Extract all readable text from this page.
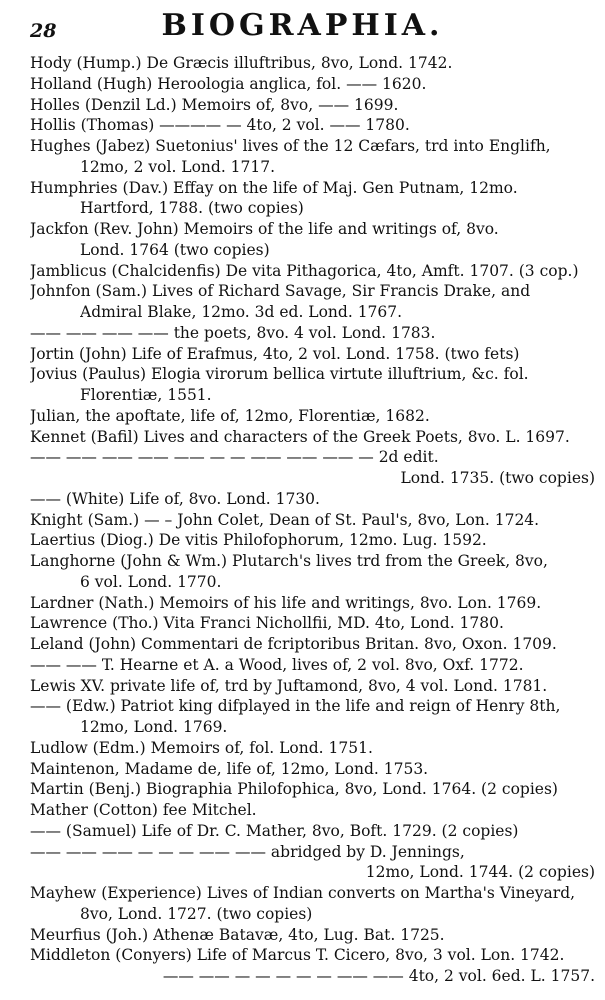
28	BIOGRAPHIA.
Hody (Hump.) De Græcis illuftribus, 8vo, Lond. 1742.
Holland (Hugh) Heroologia anglica, fol. —— 1620.
Holles (Denzil Ld.) Memoirs of, 8vo, —— 1699.
Hollis (Thomas) ———— — 4to, 2 vol. —— 1780.
Hughes (Jabez) Suetonius' lives of the 12 Cæfars, trd into Englifh,
12mo, 2 vol. Lond. 1717.
Humphries (Dav.) Effay on the life of Maj. Gen Putnam, 12mo.
Hartford, 1788. (two copies)
Jackfon (Rev. John) Memoirs of the life and writings of, 8vo.
Lond. 1764 (two copies)
Jamblicus (Chalcidenfis) De vita Pithagorica, 4to, Amft. 1707. (3 cop.)
Johnfon (Sam.) Lives of Richard Savage, Sir Francis Drake, and
Admiral Blake, 12mo. 3d ed. Lond. 1767.
—— —— —— —— the poets, 8vo. 4 vol. Lond. 1783.
Jortin (John) Life of Erafmus, 4to, 2 vol. Lond. 1758. (two fets)
Jovius (Paulus) Elogia virorum bellica virtute illuftrium, &c. fol.
Florentiæ, 1551.
Julian, the apoftate, life of, 12mo, Florentiæ, 1682.
Kennet (Bafil) Lives and characters of the Greek Poets, 8vo. L. 1697.
—— —— —— —— —— — — —— —— —— — 2d edit.
Lond. 1735. (two copies)
—— (White) Life of, 8vo. Lond. 1730.
Knight (Sam.) — – John Colet, Dean of St. Paul's, 8vo, Lon. 1724.
Laertius (Diog.) De vitis Philofophorum, 12mo. Lug. 1592.
Langhorne (John & Wm.) Plutarch's lives trd from the Greek, 8vo,
6 vol. Lond. 1770.
Lardner (Nath.) Memoirs of his life and writings, 8vo. Lon. 1769.
Lawrence (Tho.) Vita Franci Nichollfii, MD. 4to, Lond. 1780.
Leland (John) Commentari de fcriptoribus Britan. 8vo, Oxon. 1709.
—— —— T. Hearne et A. a Wood, lives of, 2 vol. 8vo, Oxf. 1772.
Lewis XV. private life of, trd by Juftamond, 8vo, 4 vol. Lond. 1781.
—— (Edw.) Patriot king difplayed in the life and reign of Henry 8th,
12mo, Lond. 1769.
Ludlow (Edm.) Memoirs of, fol. Lond. 1751.
Maintenon, Madame de, life of, 12mo, Lond. 1753.
Martin (Benj.) Biographia Philofophica, 8vo, Lond. 1764. (2 copies)
Mather (Cotton) fee Mitchel.
—— (Samuel) Life of Dr. C. Mather, 8vo, Boft. 1729. (2 copies)
—— —— —— — — — —— —— abridged by D. Jennings,
12mo, Lond. 1744. (2 copies)
Mayhew (Experience) Lives of Indian converts on Martha's Vineyard,
8vo, Lond. 1727. (two copies)
Meurfius (Joh.) Athenæ Batavæ, 4to, Lug. Bat. 1725.
Middleton (Conyers) Life of Marcus T. Cicero, 8vo, 3 vol. Lon. 1742.
—— —— — — — — — —— —— 4to, 2 vol. 6ed. L. 1757.
